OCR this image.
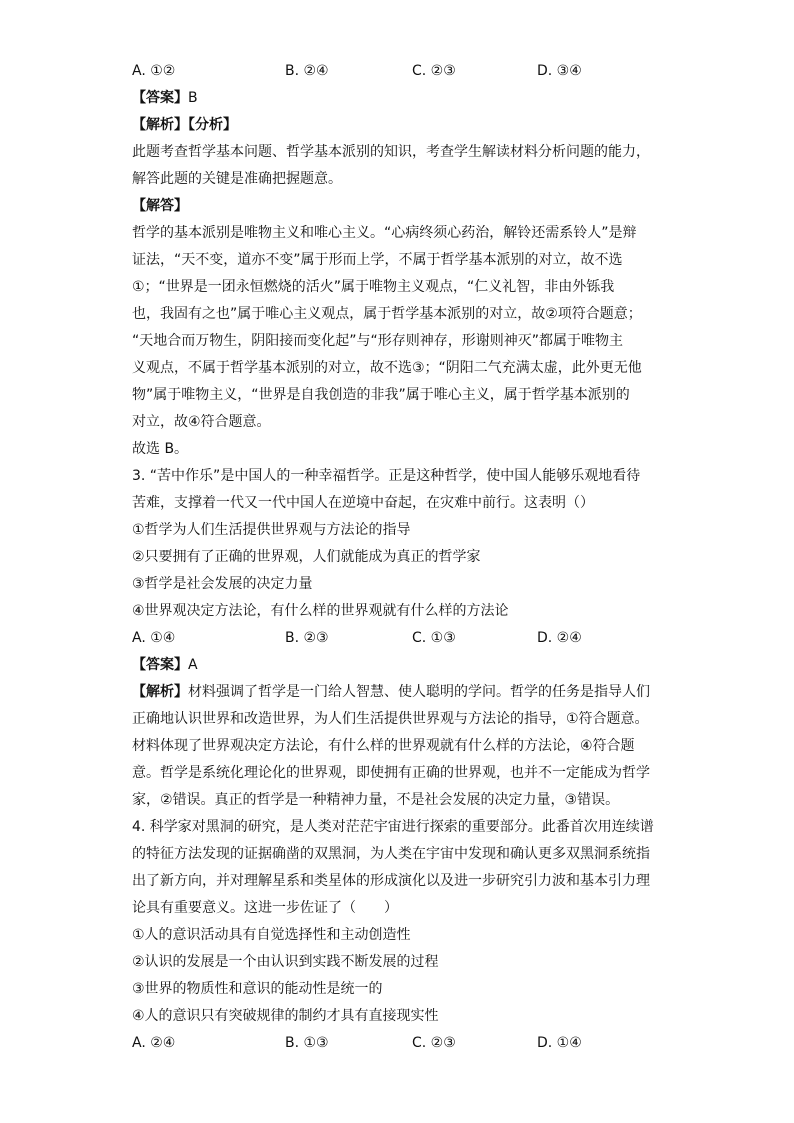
A. ①②	B. ②④	C. ②③	D. ③④
【答案】B
【解析】【分析】
此题考查哲学基本问题、哲学基本派别的知识，考查学生解读材料分析问题的能力，
解答此题的关键是准确把握题意。
【解答】
哲学的基本派别是唯物主义和唯心主义。“心病终须心药治，解铃还需系铃人”是辩
证法，“天不变，道亦不变”属于形而上学，不属于哲学基本派别的对立，故不选
①；“世界是一团永恒燃烧的活火”属于唯物主义观点，“仁义礼智，非由外铄我
也，我固有之也”属于唯心主义观点，属于哲学基本派别的对立，故②项符合题意；
“天地合而万物生，阴阳接而变化起”与“形存则神存，形谢则神灭”都属于唯物主
义观点，不属于哲学基本派别的对立，故不选③；“阴阳二气充满太虚，此外更无他
物”属于唯物主义，“世界是自我创造的非我”属于唯心主义，属于哲学基本派别的
对立，故④符合题意。
故选 B。
3. “苦中作乐”是中国人的一种幸福哲学。正是这种哲学，使中国人能够乐观地看待
苦难，支撑着一代又一代中国人在逆境中奋起，在灾难中前行。这表明（）
①哲学为人们生活提供世界观与方法论的指导
②只要拥有了正确的世界观，人们就能成为真正的哲学家
③哲学是社会发展的决定力量
④世界观决定方法论，有什么样的世界观就有什么样的方法论
A. ①④	B. ②③	C. ①③	D. ②④
【答案】A
【解析】材料强调了哲学是一门给人智慧、使人聪明的学问。哲学的任务是指导人们
正确地认识世界和改造世界，为人们生活提供世界观与方法论的指导，①符合题意。
材料体现了世界观决定方法论，有什么样的世界观就有什么样的方法论，④符合题
意。哲学是系统化理论化的世界观，即使拥有正确的世界观，也并不一定能成为哲学
家，②错误。真正的哲学是一种精神力量，不是社会发展的决定力量，③错误。
4. 科学家对黑洞的研究，是人类对茫茫宇宙进行探索的重要部分。此番首次用连续谱
的特征方法发现的证据确凿的双黑洞，为人类在宇宙中发现和确认更多双黑洞系统指
出了新方向，并对理解星系和类星体的形成演化以及进一步研究引力波和基本引力理
论具有重要意义。这进一步佐证了（　　）
①人的意识活动具有自觉选择性和主动创造性
②认识的发展是一个由认识到实践不断发展的过程
③世界的物质性和意识的能动性是统一的
④人的意识只有突破规律的制约才具有直接现实性
A. ②④	B. ①③	C. ②③	D. ①④
